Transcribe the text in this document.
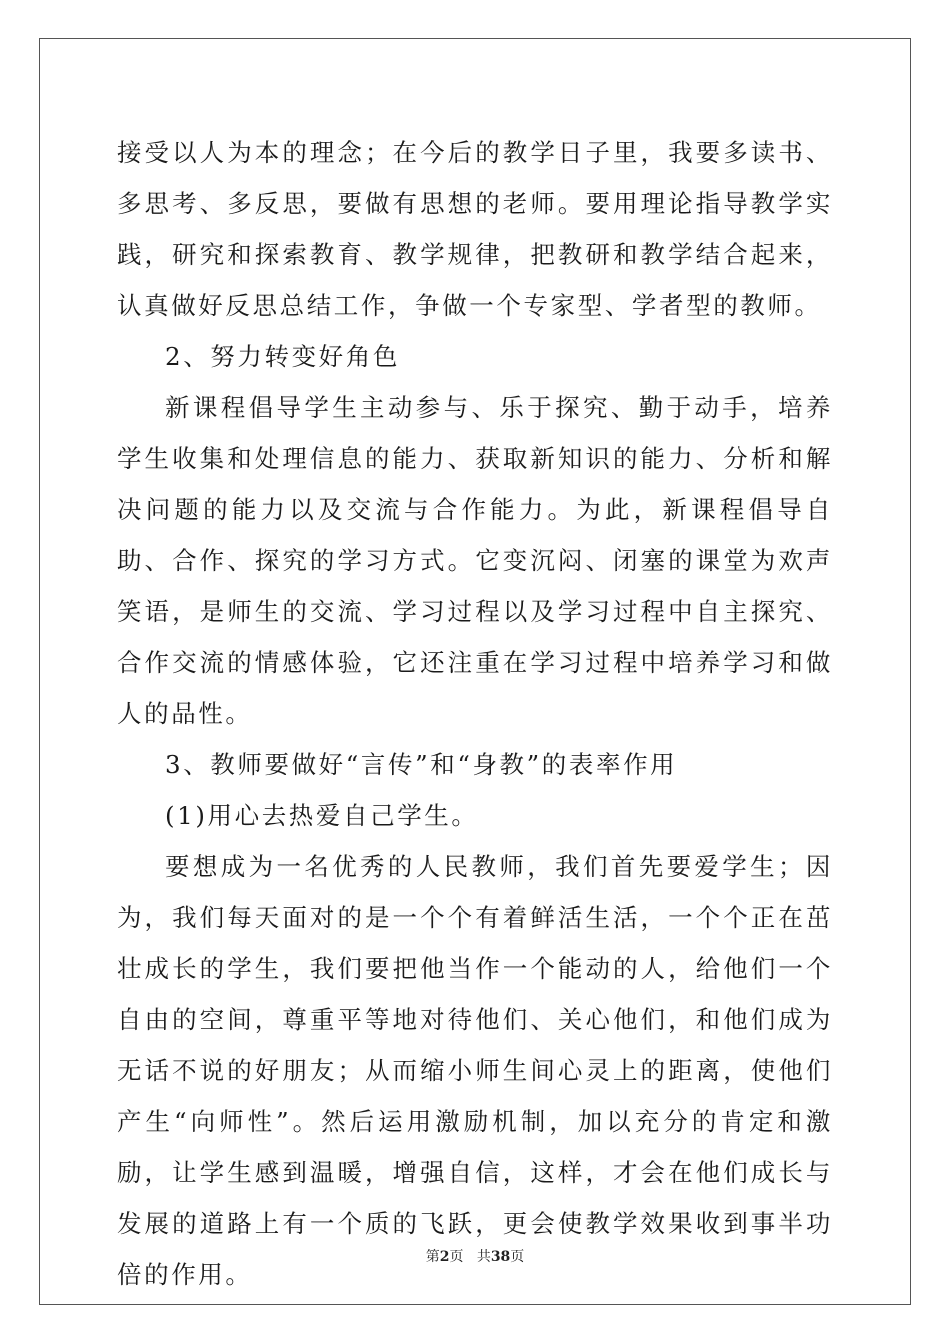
接受以人为本的理念；在今后的教学日子里，我要多读书、多思考、多反思，要做有思想的老师。要用理论指导教学实践，研究和探索教育、教学规律，把教研和教学结合起来，认真做好反思总结工作，争做一个专家型、学者型的教师。

2、努力转变好角色

新课程倡导学生主动参与、乐于探究、勤于动手，培养学生收集和处理信息的能力、获取新知识的能力、分析和解决问题的能力以及交流与合作能力。为此，新课程倡导自助、合作、探究的学习方式。它变沉闷、闭塞的课堂为欢声笑语，是师生的交流、学习过程以及学习过程中自主探究、合作交流的情感体验，它还注重在学习过程中培养学习和做人的品性。

3、教师要做好“言传”和“身教”的表率作用

(1)用心去热爱自己学生。

要想成为一名优秀的人民教师，我们首先要爱学生；因为，我们每天面对的是一个个有着鲜活生活，一个个正在茁壮成长的学生，我们要把他当作一个能动的人，给他们一个自由的空间，尊重平等地对待他们、关心他们，和他们成为无话不说的好朋友；从而缩小师生间心灵上的距离，使他们产生“向师性”。然后运用激励机制，加以充分的肯定和激励，让学生感到温暖，增强自信，这样，才会在他们成长与发展的道路上有一个质的飞跃，更会使教学效果收到事半功倍的作用。

第2页 共38页
